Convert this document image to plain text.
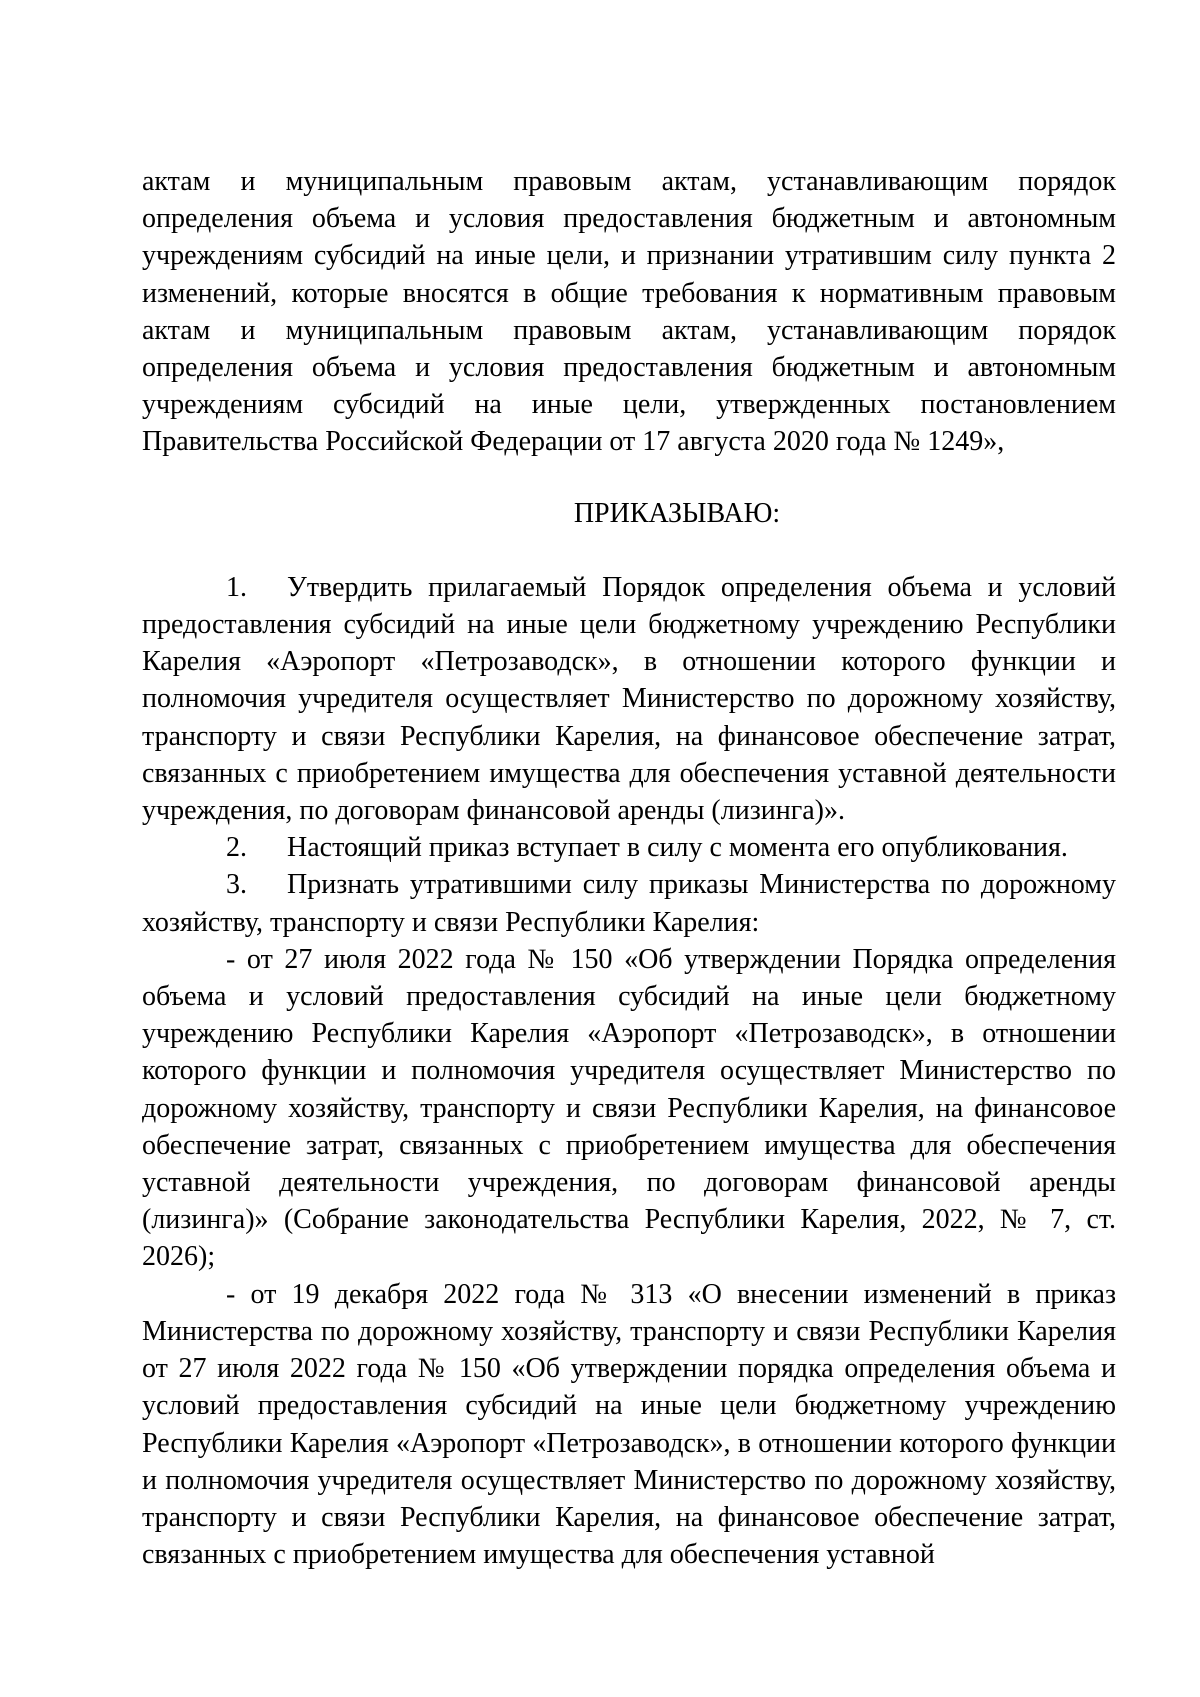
актам и муниципальным правовым актам, устанавливающим порядок определения объема и условия предоставления бюджетным и автономным учреждениям субсидий на иные цели, и признании утратившим силу пункта 2 изменений, которые вносятся в общие требования к нормативным правовым актам и муниципальным правовым актам, устанавливающим порядок определения объема и условия предоставления бюджетным и автономным учреждениям субсидий на иные цели, утвержденных постановлением Правительства Российской Федерации от 17 августа 2020 года № 1249»,

ПРИКАЗЫВАЮ:

1. Утвердить прилагаемый Порядок определения объема и условий предоставления субсидий на иные цели бюджетному учреждению Республики Карелия «Аэропорт «Петрозаводск», в отношении которого функции и полномочия учредителя осуществляет Министерство по дорожному хозяйству, транспорту и связи Республики Карелия, на финансовое обеспечение затрат, связанных с приобретением имущества для обеспечения уставной деятельности учреждения, по договорам финансовой аренды (лизинга)».

2. Настоящий приказ вступает в силу с момента его опубликования.

3. Признать утратившими силу приказы Министерства по дорожному хозяйству, транспорту и связи Республики Карелия:

- от 27 июля 2022 года № 150 «Об утверждении Порядка определения объема и условий предоставления субсидий на иные цели бюджетному учреждению Республики Карелия «Аэропорт «Петрозаводск», в отношении которого функции и полномочия учредителя осуществляет Министерство по дорожному хозяйству, транспорту и связи Республики Карелия, на финансовое обеспечение затрат, связанных с приобретением имущества для обеспечения уставной деятельности учреждения, по договорам финансовой аренды (лизинга)» (Собрание законодательства Республики Карелия, 2022, № 7, ст. 2026);

- от 19 декабря 2022 года № 313 «О внесении изменений в приказ Министерства по дорожному хозяйству, транспорту и связи Республики Карелия от 27 июля 2022 года № 150 «Об утверждении порядка определения объема и условий предоставления субсидий на иные цели бюджетному учреждению Республики Карелия «Аэропорт «Петрозаводск», в отношении которого функции и полномочия учредителя осуществляет Министерство по дорожному хозяйству, транспорту и связи Республики Карелия, на финансовое обеспечение затрат, связанных с приобретением имущества для обеспечения уставной
